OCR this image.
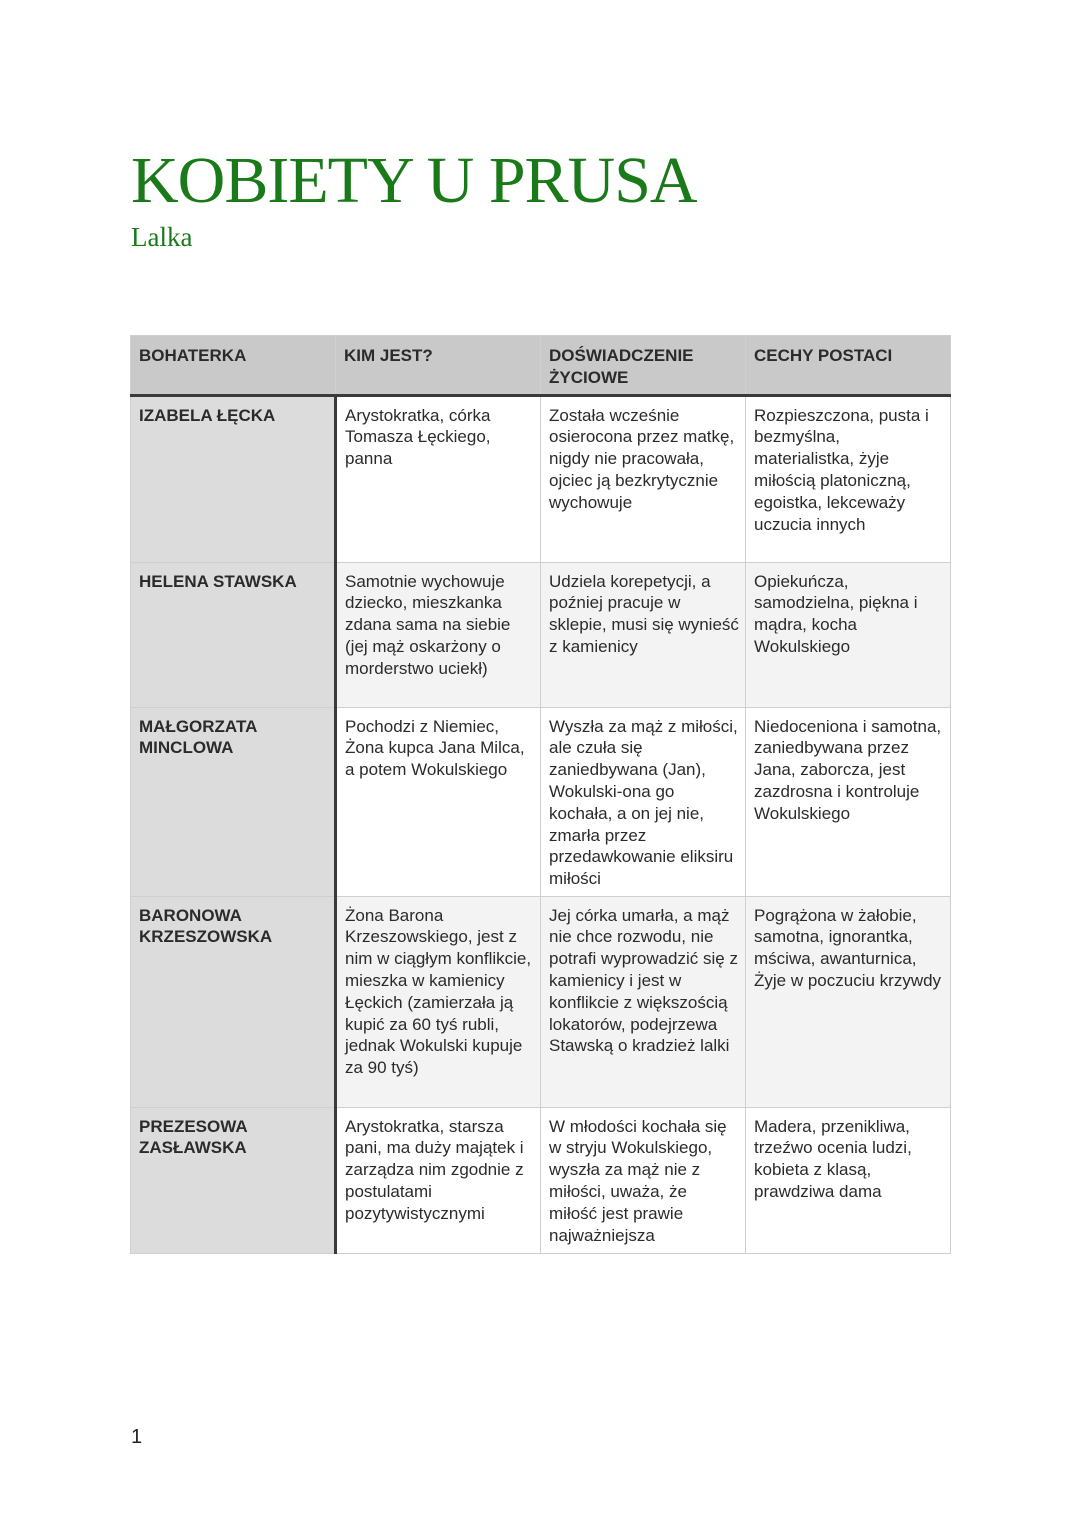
KOBIETY U PRUSA
Lalka
BOHATERKA	KIM JEST?	DOŚWIADCZENIE ŻYCIOWE	CECHY POSTACI
IZABELA ŁĘCKA	Arystokratka, córka Tomasza Łęckiego, panna	Została wcześnie osierocona przez matkę, nigdy nie pracowała, ojciec ją bezkrytycznie wychowuje	Rozpieszczona, pusta i bezmyślna, materialistka, żyje miłością platoniczną, egoistka, lekceważy uczucia innych
HELENA STAWSKA	Samotnie wychowuje dziecko, mieszkanka zdana sama na siebie (jej mąż oskarżony o morderstwo uciekł)	Udziela korepetycji, a poźniej pracuje w sklepie, musi się wynieść z kamienicy	Opiekuńcza, samodzielna, piękna i mądra, kocha Wokulskiego
MAŁGORZATA MINCLOWA	Pochodzi z Niemiec, Żona kupca Jana Milca, a potem Wokulskiego	Wyszła za mąż z miłości, ale czuła się zaniedbywana (Jan), Wokulski-ona go kochała, a on jej nie, zmarła przez przedawkowanie eliksiru miłości	Niedoceniona i samotna, zaniedbywana przez Jana, zaborcza, jest zazdrosna i kontroluje Wokulskiego
BARONOWA KRZESZOWSKA	Żona Barona Krzeszowskiego, jest z nim w ciągłym konflikcie, mieszka w kamienicy Łęckich (zamierzała ją kupić za 60 tyś rubli, jednak Wokulski kupuje za 90 tyś)	Jej córka umarła, a mąż nie chce rozwodu, nie potrafi wyprowadzić się z kamienicy i jest w konflikcie z większością lokatorów, podejrzewa Stawską o kradzież lalki	Pogrążona w żałobie, samotna, ignorantka, mściwa, awanturnica, Żyje w poczuciu krzywdy
PREZESOWA ZASŁAWSKA	Arystokratka, starsza pani, ma duży majątek i zarządza nim zgodnie z postulatami pozytywistycznymi	W młodości kochała się w stryju Wokulskiego, wyszła za mąż nie z miłości, uważa, że miłość jest prawie najważniejsza	Madera, przenikliwa, trzeźwo ocenia ludzi, kobieta z klasą, prawdziwa dama
1
